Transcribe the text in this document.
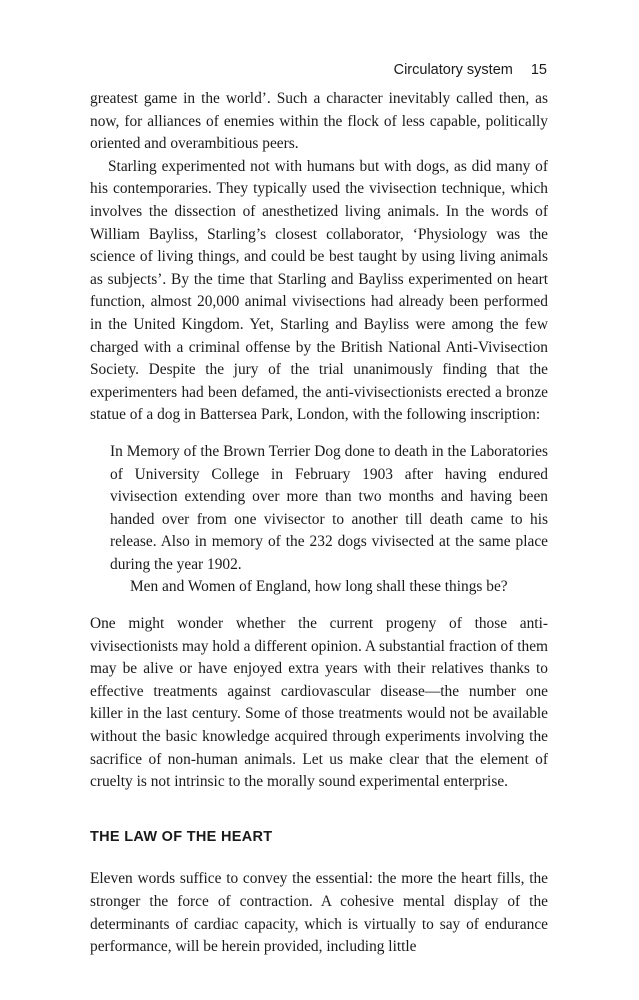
Circulatory system 15

greatest game in the world’. Such a character inevitably called then, as now, for alliances of enemies within the flock of less capable, politically oriented and overambitious peers.

Starling experimented not with humans but with dogs, as did many of his contemporaries. They typically used the vivisection technique, which involves the dissection of anesthetized living animals. In the words of William Bayliss, Starling’s closest collaborator, ‘Physiology was the science of living things, and could be best taught by using living animals as subjects’. By the time that Starling and Bayliss experimented on heart function, almost 20,000 animal vivisections had already been performed in the United Kingdom. Yet, Starling and Bayliss were among the few charged with a criminal offense by the British National Anti-Vivisection Society. Despite the jury of the trial unanimously finding that the experimenters had been defamed, the anti-vivisectionists erected a bronze statue of a dog in Battersea Park, London, with the following inscription:

In Memory of the Brown Terrier Dog done to death in the Laboratories of University College in February 1903 after having endured vivisection extending over more than two months and having been handed over from one vivisector to another till death came to his release. Also in memory of the 232 dogs vivisected at the same place during the year 1902.

Men and Women of England, how long shall these things be?

One might wonder whether the current progeny of those anti-vivisectionists may hold a different opinion. A substantial fraction of them may be alive or have enjoyed extra years with their relatives thanks to effective treatments against cardiovascular disease—the number one killer in the last century. Some of those treatments would not be available without the basic knowledge acquired through experiments involving the sacrifice of non-human animals. Let us make clear that the element of cruelty is not intrinsic to the morally sound experimental enterprise.

THE LAW OF THE HEART

Eleven words suffice to convey the essential: the more the heart fills, the stronger the force of contraction. A cohesive mental display of the determinants of cardiac capacity, which is virtually to say of endurance performance, will be herein provided, including little
